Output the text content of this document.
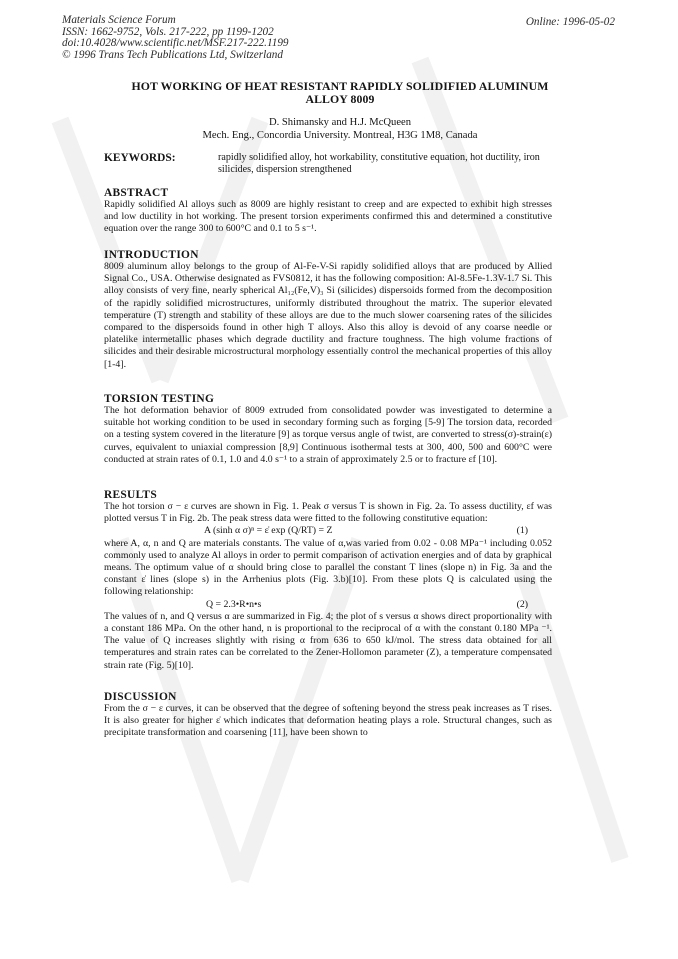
Materials Science Forum
ISSN: 1662-9752, Vols. 217-222, pp 1199-1202
doi:10.4028/www.scientific.net/MSF.217-222.1199
© 1996 Trans Tech Publications Ltd, Switzerland
Online: 1996-05-02
HOT WORKING OF HEAT RESISTANT RAPIDLY SOLIDIFIED ALUMINUM
ALLOY 8009
D. Shimansky and H.J. McQueen
Mech. Eng., Concordia University. Montreal, H3G 1M8, Canada
KEYWORDS:	rapidly solidified alloy, hot workability, constitutive equation, hot ductility, iron silicides, dispersion strengthened
ABSTRACT

Rapidly solidified Al alloys such as 8009 are highly resistant to creep and are expected to exhibit high stresses and low ductility in hot working. The present torsion experiments confirmed this and determined a constitutive equation over the range 300 to 600°C and 0.1 to 5 s⁻¹.

INTRODUCTION

8009 aluminum alloy belongs to the group of Al-Fe-V-Si rapidly solidified alloys that are produced by Allied Signal Co., USA. Otherwise designated as FVS0812, it has the following composition: Al-8.5Fe-1.3V-1.7 Si. This alloy consists of very fine, nearly spherical Al₁₂(Fe,V)₃ Si (silicides) dispersoids formed from the decomposition of the rapidly solidified microstructures, uniformly distributed throughout the matrix. The superior elevated temperature (T) strength and stability of these alloys are due to the much slower coarsening rates of the silicides compared to the dispersoids found in other high T alloys. Also this alloy is devoid of any coarse needle or platelike intermetallic phases which degrade ductility and fracture toughness. The high volume fractions of silicides and their desirable microstructural morphology essentially control the mechanical properties of this alloy [1-4].

TORSION TESTING

The hot deformation behavior of 8009 extruded from consolidated powder was investigated to determine a suitable hot working condition to be used in secondary forming such as forging [5-9] The torsion data, recorded on a testing system covered in the literature [9] as torque versus angle of twist, are converted to stress(σ)-strain(ε) curves, equivalent to uniaxial compression [8,9] Continuous isothermal tests at 300, 400, 500 and 600°C were conducted at strain rates of 0.1, 1.0 and 4.0 s⁻¹ to a strain of approximately 2.5 or to fracture εf [10].

RESULTS

The hot torsion σ − ε curves are shown in Fig. 1. Peak σ versus T is shown in Fig. 2a. To assess ductility, εf was plotted versus T in Fig. 2b. The peak stress data were fitted to the following constitutive equation:

A (sinh α σ)ⁿ = ε̇ exp (Q/RT) = Z	(1)

where A, α, n and Q are materials constants. The value of α,was varied from 0.02 - 0.08 MPa⁻¹ including 0.052 commonly used to analyze Al alloys in order to permit comparison of activation energies and of data by graphical means. The optimum value of α should bring close to parallel the constant T lines (slope n) in Fig. 3a and the constant ε̇ lines (slope s) in the Arrhenius plots (Fig. 3.b)[10]. From these plots Q is calculated using the following relationship:

Q = 2.3•R•n•s	(2)

The values of n, and Q versus α are summarized in Fig. 4; the plot of s versus α shows direct proportionality with a constant 186 MPa. On the other hand, n is proportional to the reciprocal of α with the constant 0.180 MPa ⁻¹. The value of Q increases slightly with rising α from 636 to 650 kJ/mol. The stress data obtained for all temperatures and strain rates can be correlated to the Zener-Hollomon parameter (Z), a temperature compensated strain rate (Fig. 5)[10].

DISCUSSION

From the σ − ε curves, it can be observed that the degree of softening beyond the stress peak increases as T rises. It is also greater for higher ε̇ which indicates that deformation heating plays a role. Structural changes, such as precipitate transformation and coarsening [11], have been shown to
